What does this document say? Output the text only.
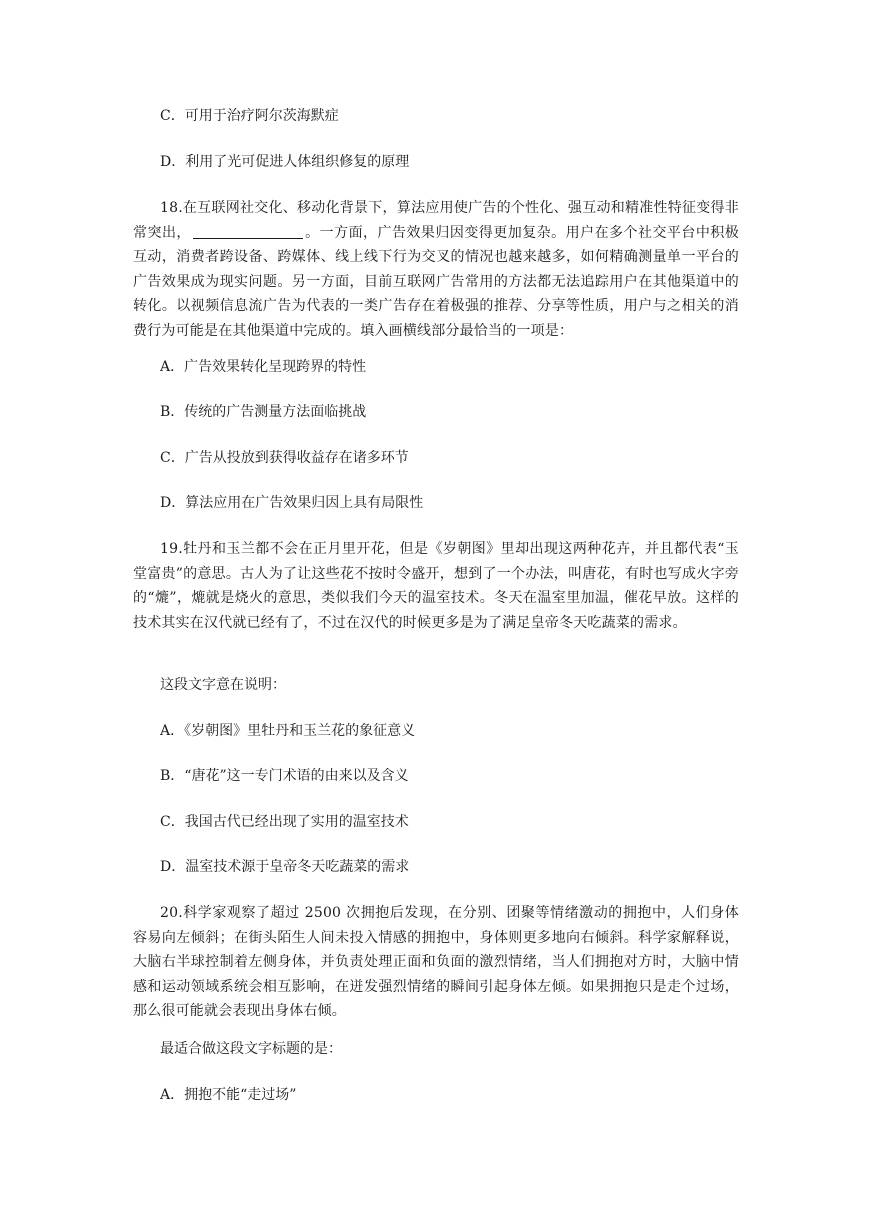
C．可用于治疗阿尔茨海默症
D．利用了光可促进人体组织修复的原理
18.在互联网社交化、移动化背景下，算法应用使广告的个性化、强互动和精准性特征变得非常突出，	。一方面，广告效果归因变得更加复杂。用户在多个社交平台中积极互动，消费者跨设备、跨媒体、线上线下行为交叉的情况也越来越多，如何精确测量单一平台的广告效果成为现实问题。另一方面，目前互联网广告常用的方法都无法追踪用户在其他渠道中的转化。以视频信息流广告为代表的一类广告存在着极强的推荐、分享等性质，用户与之相关的消费行为可能是在其他渠道中完成的。填入画横线部分最恰当的一项是：
A．广告效果转化呈现跨界的特性
B．传统的广告测量方法面临挑战
C．广告从投放到获得收益存在诸多环节
D．算法应用在广告效果归因上具有局限性
19.牡丹和玉兰都不会在正月里开花，但是《岁朝图》里却出现这两种花卉，并且都代表“玉堂富贵”的意思。古人为了让这些花不按时令盛开，想到了一个办法，叫唐花，有时也写成火字旁的“熝”，熝就是烧火的意思，类似我们今天的温室技术。冬天在温室里加温，催花早放。这样的技术其实在汉代就已经有了，不过在汉代的时候更多是为了满足皇帝冬天吃蔬菜的需求。
这段文字意在说明：
A．《岁朝图》里牡丹和玉兰花的象征意义
B．“唐花”这一专门术语的由来以及含义
C．我国古代已经出现了实用的温室技术
D．温室技术源于皇帝冬天吃蔬菜的需求
20.科学家观察了超过 2500 次拥抱后发现，在分别、团聚等情绪激动的拥抱中，人们身体容易向左倾斜；在街头陌生人间未投入情感的拥抱中，身体则更多地向右倾斜。科学家解释说，大脑右半球控制着左侧身体，并负责处理正面和负面的激烈情绪，当人们拥抱对方时，大脑中情感和运动领域系统会相互影响，在迸发强烈情绪的瞬间引起身体左倾。如果拥抱只是走个过场，那么很可能就会表现出身体右倾。
最适合做这段文字标题的是：
A．拥抱不能“走过场”
